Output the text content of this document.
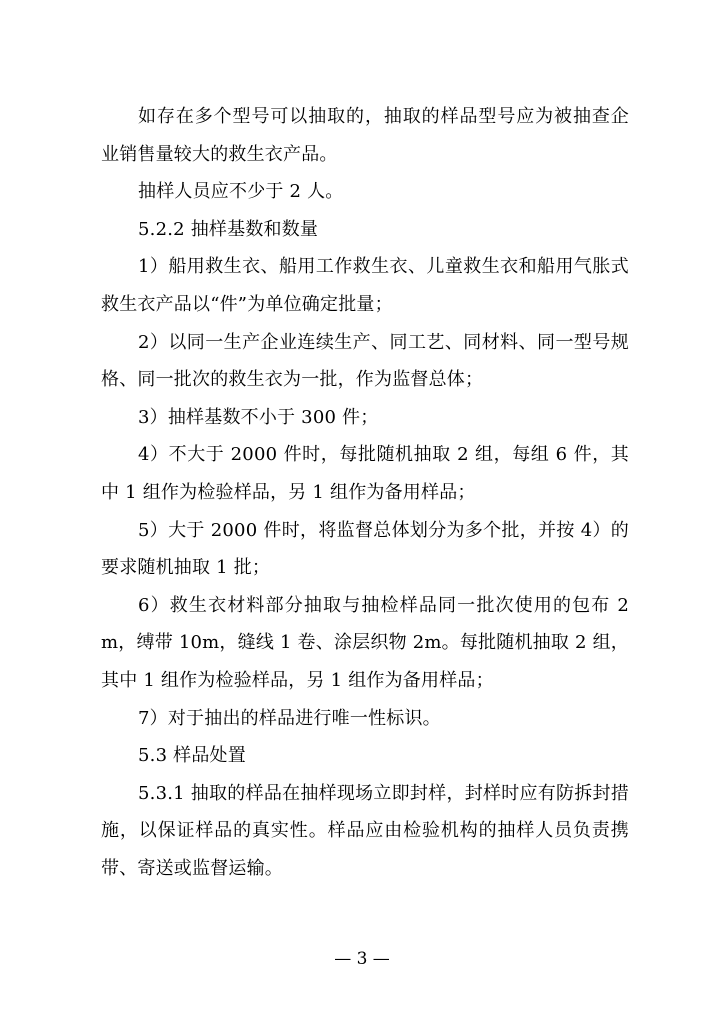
如存在多个型号可以抽取的，抽取的样品型号应为被抽查企业销售量较大的救生衣产品。

抽样人员应不少于 2 人。

5.2.2 抽样基数和数量

1）船用救生衣、船用工作救生衣、儿童救生衣和船用气胀式救生衣产品以“件”为单位确定批量；

2）以同一生产企业连续生产、同工艺、同材料、同一型号规格、同一批次的救生衣为一批，作为监督总体；

3）抽样基数不小于 300 件；

4）不大于 2000 件时，每批随机抽取 2 组，每组 6 件，其中 1 组作为检验样品，另 1 组作为备用样品；

5）大于 2000 件时，将监督总体划分为多个批，并按 4）的要求随机抽取 1 批；

6）救生衣材料部分抽取与抽检样品同一批次使用的包布 2m，缚带 10m，缝线 1 卷、涂层织物 2m。每批随机抽取 2 组，其中 1 组作为检验样品，另 1 组作为备用样品；

7）对于抽出的样品进行唯一性标识。

5.3 样品处置

5.3.1 抽取的样品在抽样现场立即封样，封样时应有防拆封措施，以保证样品的真实性。样品应由检验机构的抽样人员负责携带、寄送或监督运输。

— 3 —
